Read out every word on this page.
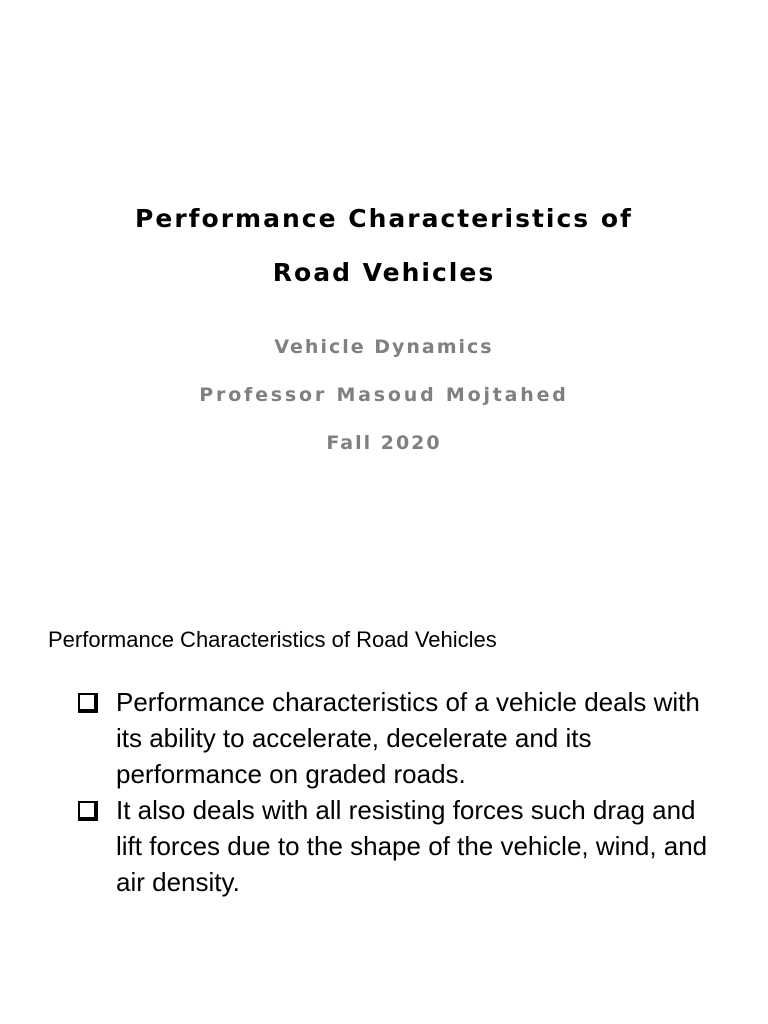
Performance Characteristics of
Road Vehicles
Vehicle Dynamics
Professor Masoud Mojtahed
Fall 2020
Performance Characteristics of Road Vehicles
Performance characteristics of a vehicle deals with its ability to accelerate, decelerate and its performance on graded roads.
It also deals with all resisting forces such drag and lift forces due to the shape of the vehicle, wind, and air density.
